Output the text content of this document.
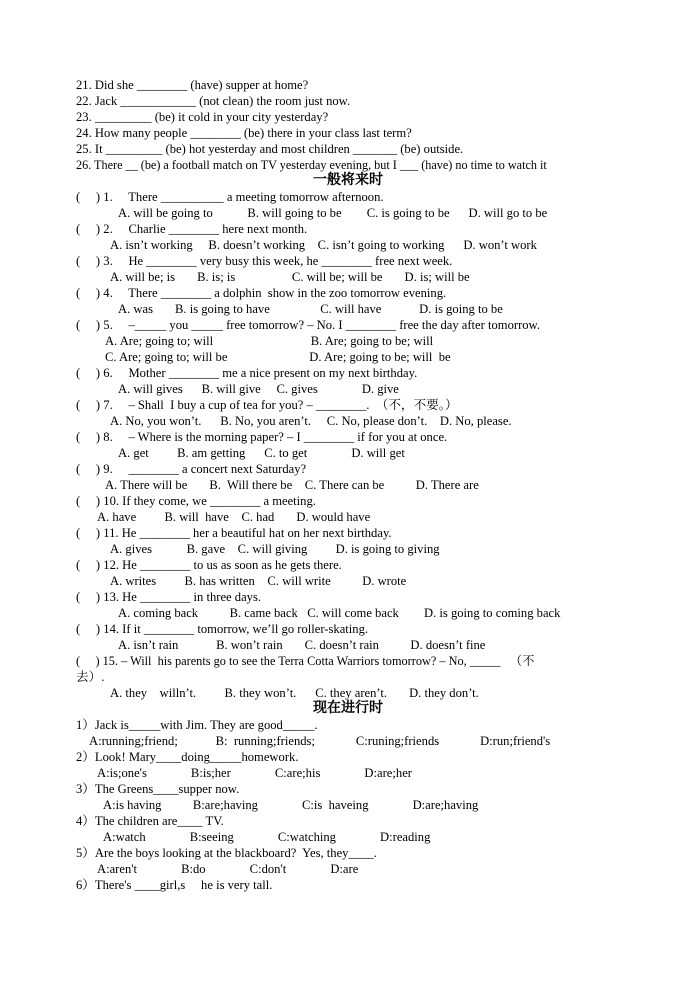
21. Did she ________ (have) supper at home?
22. Jack ____________ (not clean) the room just now.
23. _________ (be) it cold in your city yesterday?
24. How many people ________ (be) there in your class last term?
25. It _________ (be) hot yesterday and most children _______ (be) outside.
26. There __ (be) a football match on TV yesterday evening, but I ___ (have) no time to watch it
一般将来时
(     ) 1.     There __________ a meeting tomorrow afternoon.
A. will be going to           B. will going to be        C. is going to be      D. will go to be
(     ) 2.     Charlie ________ here next month.
A. isn’t working     B. doesn’t working    C. isn’t going to working      D. won’t work
(     ) 3.     He ________ very busy this week, he ________ free next week.
A. will be; is       B. is; is                  C. will be; will be       D. is; will be
(     ) 4.     There ________ a dolphin  show in the zoo tomorrow evening.
A. was       B. is going to have                C. will have            D. is going to be
(     ) 5.     –_____ you _____ free tomorrow? – No. I ________ free the day after tomorrow.
A. Are; going to; will                               B. Are; going to be; will
C. Are; going to; will be                          D. Are; going to be; will  be
(     ) 6.     Mother ________ me a nice present on my next birthday.
A. will gives      B. will give     C. gives              D. give
(     ) 7.     – Shall  I buy a cup of tea for you? – ________.  （不，不要。）
A. No, you won’t.      B. No, you aren’t.     C. No, please don’t.    D. No, please.
(     ) 8.     – Where is the morning paper? – I ________ if for you at once.
A. get         B. am getting      C. to get              D. will get
(     ) 9.     ________ a concert next Saturday?
A. There will be       B.  Will there be    C. There can be          D. There are
(     ) 10. If they come, we ________ a meeting.
A. have         B. will  have    C. had       D. would have
(     ) 11. He ________ her a beautiful hat on her next birthday.
A. gives           B. gave    C. will giving         D. is going to giving
(     ) 12. He ________ to us as soon as he gets there.
A. writes         B. has written    C. will write          D. wrote
(     ) 13. He ________ in three days.
A. coming back          B. came back   C. will come back        D. is going to coming back
(     ) 14. If it ________ tomorrow, we’ll go roller-skating.
A. isn’t rain            B. won’t rain       C. doesn’t rain          D. doesn’t fine
(     ) 15. – Will  his parents go to see the Terra Cotta Warriors tomorrow? – No, _____   （不
去）.
A. they    willn’t.         B. they won’t.      C. they aren’t.       D. they don’t.
现在进行时
1）Jack is_____with Jim. They are good_____.
A:running;friend;            B:  running;friends;             C:runing;friends             D:run;friend's
2）Look! Mary____doing_____homework.
A:is;one's              B:is;her              C:are;his              D:are;her
3）The Greens____supper now.
A:is having          B:are;having              C:is  haveing              D:are;having
4）The children are____ TV.
A:watch              B:seeing              C:watching              D:reading
5）Are the boys looking at the blackboard?  Yes, they____.
A:aren't              B:do              C:don't              D:are
6）There's ____girl,s     he is very tall.
